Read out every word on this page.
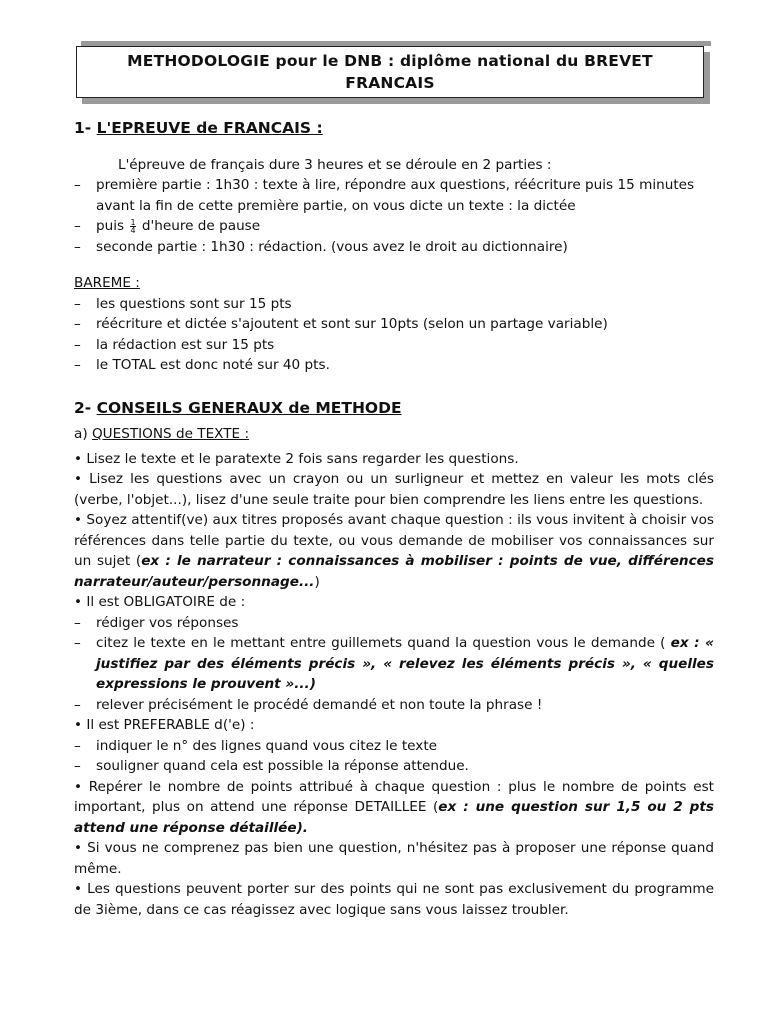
METHODOLOGIE pour le DNB : diplôme national du BREVET
FRANCAIS
1- L'EPREUVE de FRANCAIS :

L'épreuve de français dure 3 heures et se déroule en 2 parties :

– première partie : 1h30 : texte à lire, répondre aux questions, réécriture puis 15 minutes avant la fin de cette première partie, on vous dicte un texte : la dictée
– puis $\frac{1}{4}$ d'heure de pause
– seconde partie : 1h30 : rédaction. (vous avez le droit au dictionnaire)

BAREME :

– les questions sont sur 15 pts
– réécriture et dictée s'ajoutent et sont sur 10pts (selon un partage variable)
– la rédaction est sur 15 pts
– le TOTAL est donc noté sur 40 pts.
2- CONSEILS GENERAUX de METHODE

a) QUESTIONS de TEXTE :

• Lisez le texte et le paratexte 2 fois sans regarder les questions.

• Lisez les questions avec un crayon ou un surligneur et mettez en valeur les mots clés (verbe, l'objet...), lisez d'une seule traite pour bien comprendre les liens entre les questions.

• Soyez attentif(ve) aux titres proposés avant chaque question : ils vous invitent à choisir vos références dans telle partie du texte, ou vous demande de mobiliser vos connaissances sur un sujet (ex : le narrateur : connaissances à mobiliser : points de vue, différences narrateur/auteur/personnage...)

• Il est OBLIGATOIRE de :

– rédiger vos réponses
– citez le texte en le mettant entre guillemets quand la question vous le demande ( ex : « justifiez par des éléments précis », « relevez les éléments précis », « quelles expressions le prouvent »...)
– relever précisément le procédé demandé et non toute la phrase !

• Il est PREFERABLE d('e) :

– indiquer le n° des lignes quand vous citez le texte
– souligner quand cela est possible la réponse attendue.

• Repérer le nombre de points attribué à chaque question : plus le nombre de points est important, plus on attend une réponse DETAILLEE (ex : une question sur 1,5 ou 2 pts attend une réponse détaillée).

• Si vous ne comprenez pas bien une question, n'hésitez pas à proposer une réponse quand même.

• Les questions peuvent porter sur des points qui ne sont pas exclusivement du programme de 3ième, dans ce cas réagissez avec logique sans vous laissez troubler.
